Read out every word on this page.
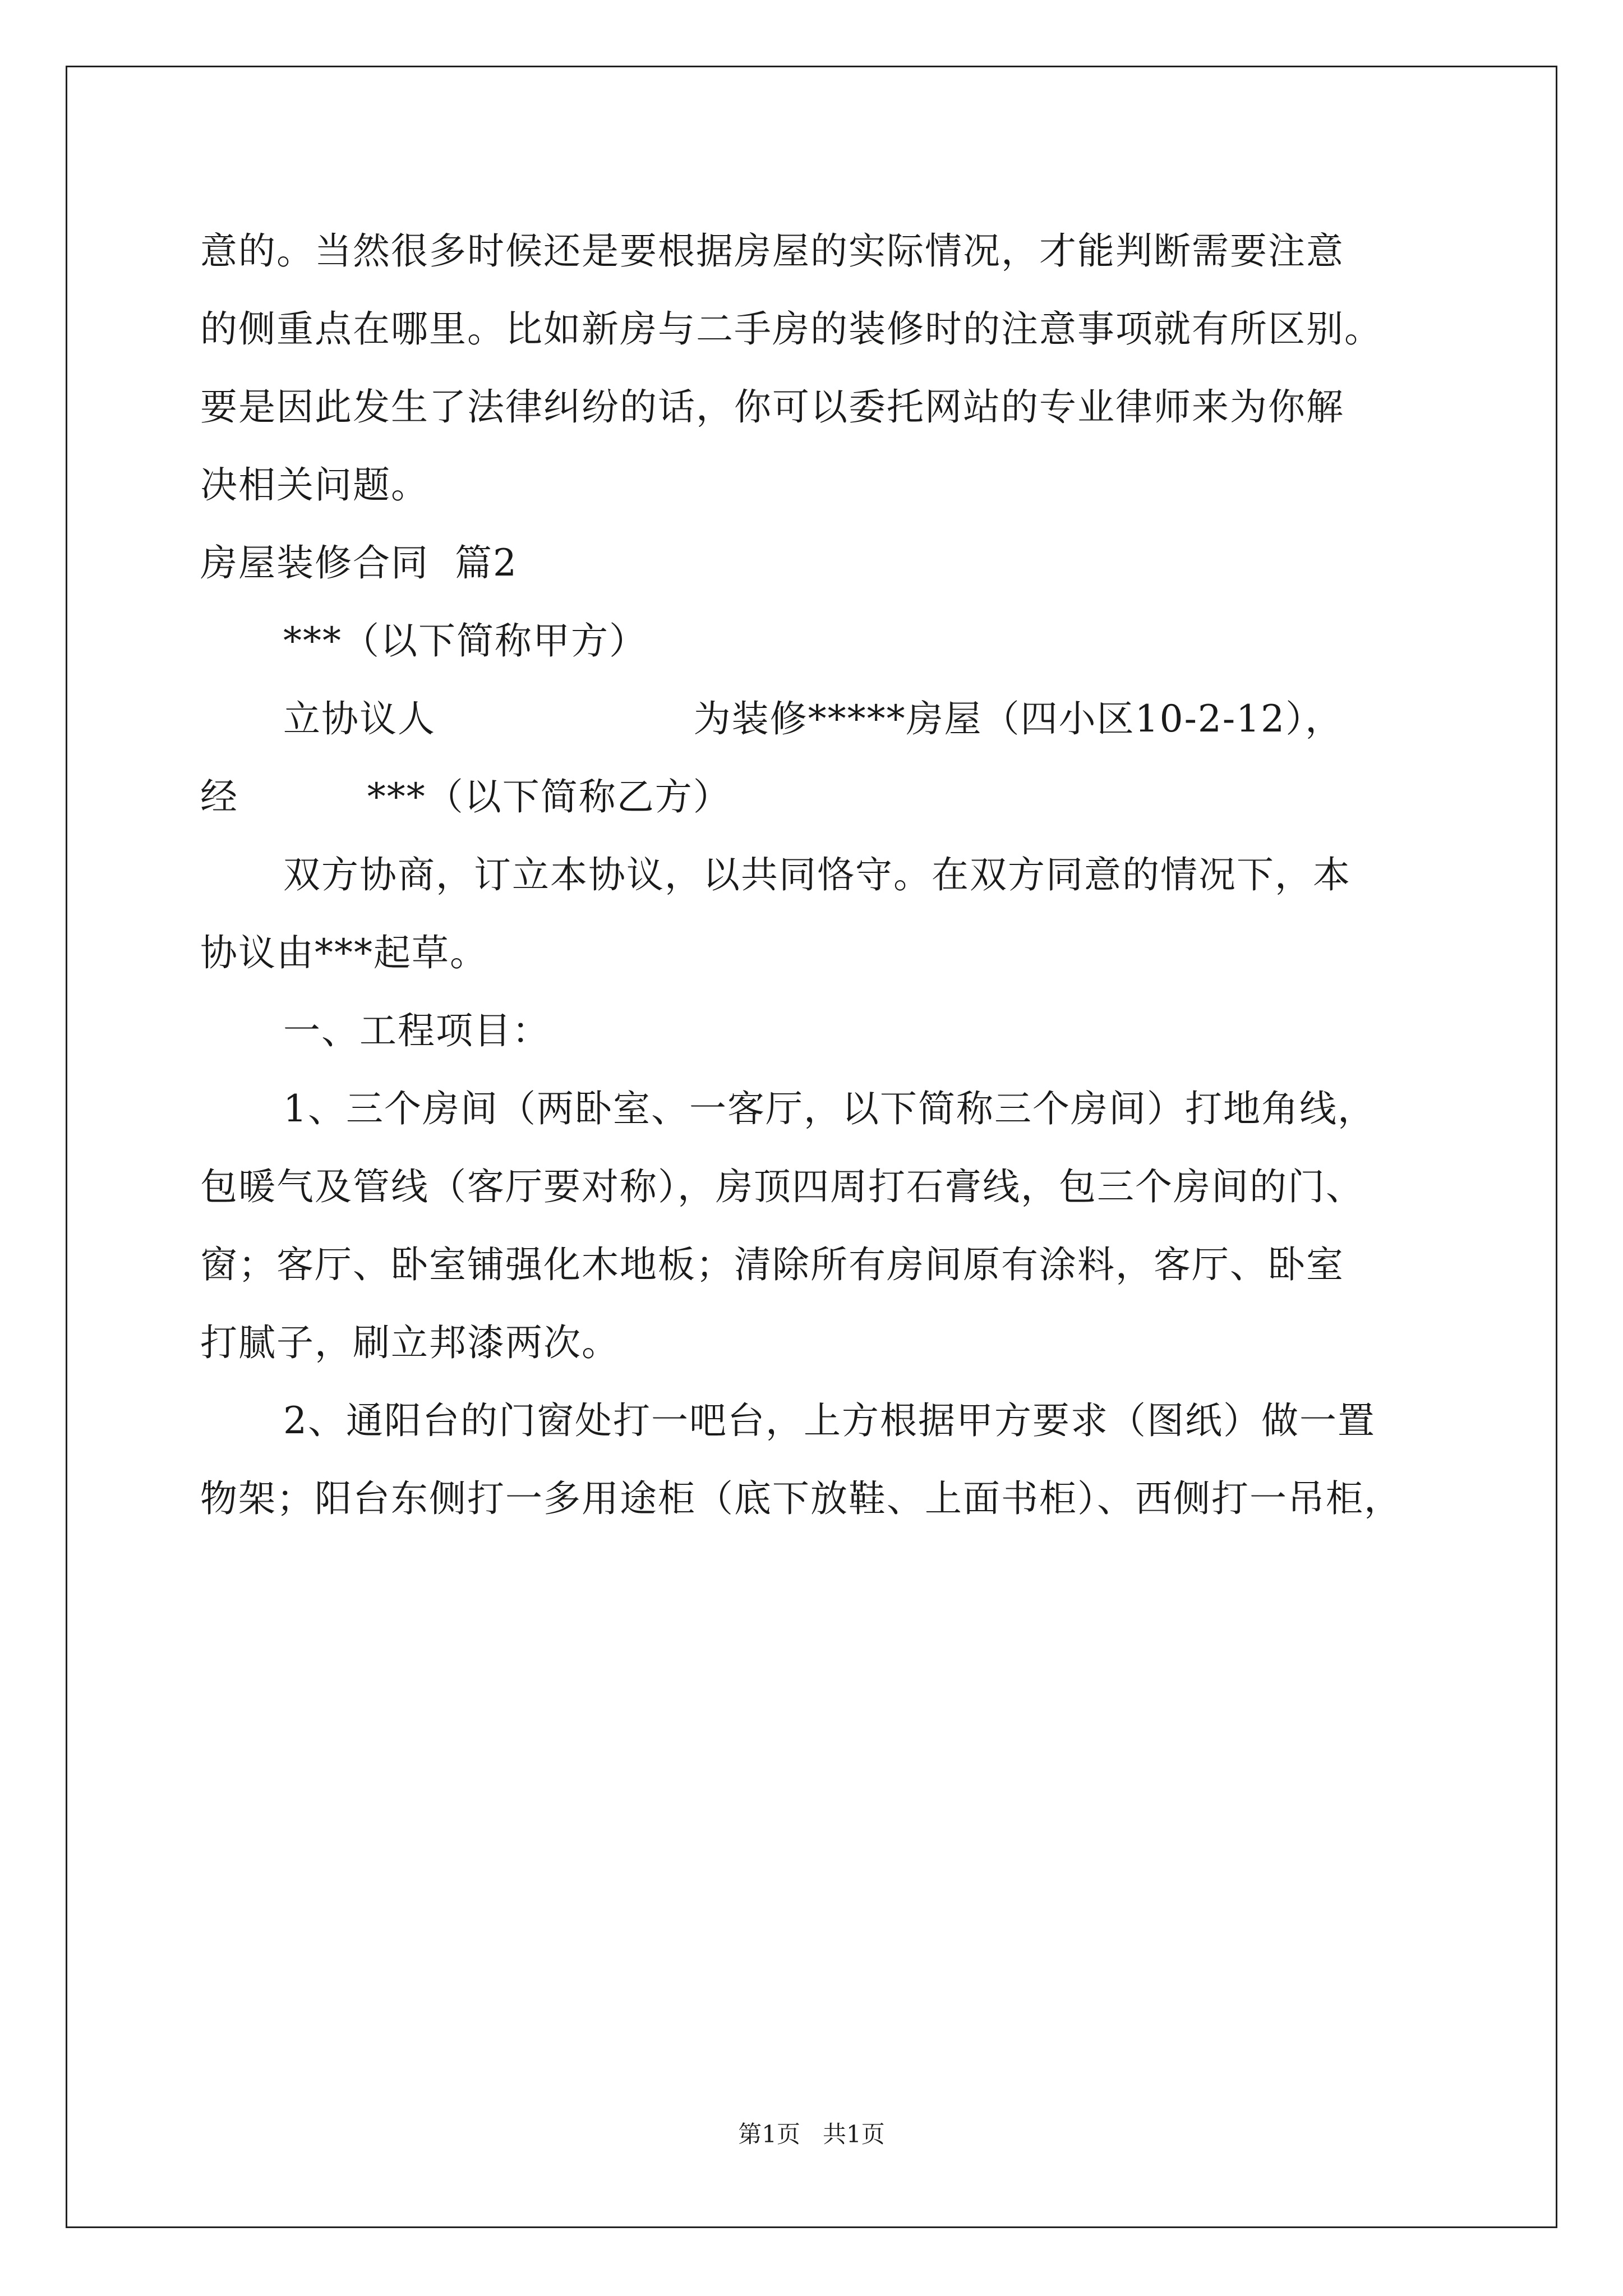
意的。当然很多时候还是要根据房屋的实际情况，才能判断需要注意
的侧重点在哪里。比如新房与二手房的装修时的注意事项就有所区别。
要是因此发生了法律纠纷的话，你可以委托网站的专业律师来为你解
决相关问题。
房屋装修合同  篇2
***（以下简称甲方）
立协议人                    为装修*****房屋（四小区10-2-12），
经          ***（以下简称乙方）
双方协商，订立本协议，以共同恪守。在双方同意的情况下，本
协议由***起草。
一、工程项目：
1、三个房间（两卧室、一客厅，以下简称三个房间）打地角线，
包暖气及管线（客厅要对称），房顶四周打石膏线，包三个房间的门、
窗；客厅、卧室铺强化木地板；清除所有房间原有涂料，客厅、卧室
打腻子，刷立邦漆两次。
2、通阳台的门窗处打一吧台，上方根据甲方要求（图纸）做一置
物架；阳台东侧打一多用途柜（底下放鞋、上面书柜）、西侧打一吊柜，
第1页   共1页
